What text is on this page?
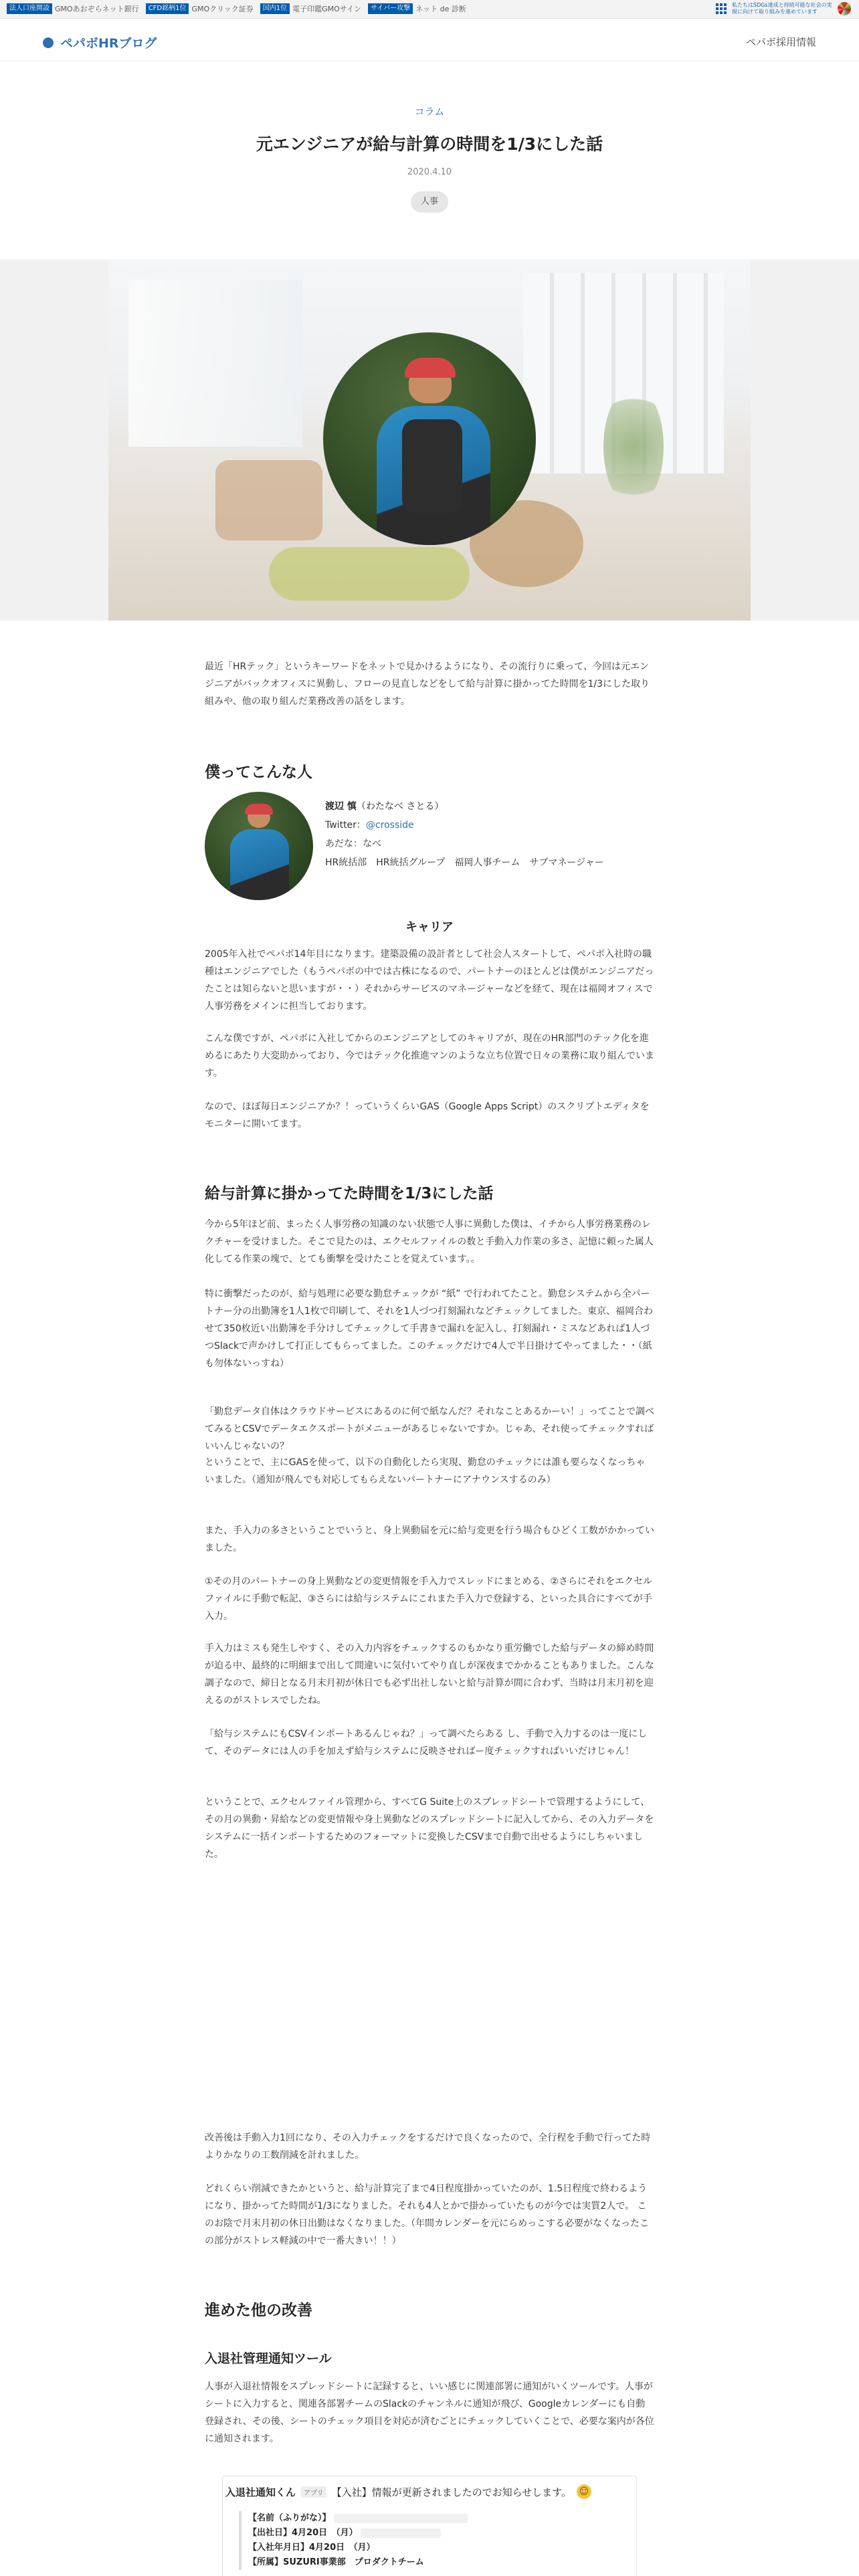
法人口座開設 GMOあおぞらネット銀行	CFD銘柄1位 GMOクリック証券	国内1位 電子印鑑GMOサイン	サイバー攻撃 ネット de 診断	私たちはSDGs達成と持続可能な社会の実現に向けて取り組みを進めています
ペパボHRブログ	ペパボ採用情報
コラム
元エンジニアが給与計算の時間を1/3にした話
2020.4.10
人事

最近「HRテック」というキーワードをネットで見かけるようになり、その流行りに乗って、今回は元エンジニアがバックオフィスに異動し、フローの見直しなどをして給与計算に掛かってた時間を1/3にした取り組みや、他の取り組んだ業務改善の話をします。

僕ってこんな人
渡辺 慎（わたなべ さとる）
Twitter：@crosside
あだな：なべ
HR統括部　HR統括グループ　福岡人事チーム　サブマネージャー
キャリア

2005年入社でペパボ14年目になります。建築設備の設計者として社会人スタートして、ペパボ入社時の職種はエンジニアでした（もうペパボの中では古株になるので、パートナーのほとんどは僕がエンジニアだったことは知らないと思いますが・・）それからサービスのマネージャーなどを経て、現在は福岡オフィスで人事労務をメインに担当しております。

こんな僕ですが、ペパボに入社してからのエンジニアとしてのキャリアが、現在のHR部門のテック化を進めるにあたり大変助かっており、今ではテック化推進マンのような立ち位置で日々の業務に取り組んでいます。

なので、ほぼ毎日エンジニアか？！っていうくらいGAS（Google Apps Script）のスクリプトエディタをモニターに開いてます。

給与計算に掛かってた時間を1/3にした話

今から5年ほど前、まったく人事労務の知識のない状態で人事に異動した僕は、イチから人事労務業務のレクチャーを受けました。そこで見たのは、エクセルファイルの数と手動入力作業の多さ、記憶に頼った属人化してる作業の塊で、とても衝撃を受けたことを覚えています。。

特に衝撃だったのが、給与処理に必要な勤怠チェックが “紙” で行われてたこと。勤怠システムから全パートナー分の出勤簿を1人1枚で印刷して、それを1人づつ打刻漏れなどチェックしてました。東京、福岡合わせて350枚近い出勤簿を手分けしてチェックして手書きで漏れを記入し、打刻漏れ・ミスなどあれば1人づつSlackで声かけして打正してもらってました。このチェックだけで4人で半日掛けてやってました・・（紙も勿体ないっすね）

「勤怠データ自体はクラウドサービスにあるのに何で紙なんだ？それなことあるかーい！」ってことで調べてみるとCSVでデータエクスポートがメニューがあるじゃないですか。じゃあ、それ使ってチェックすればいいんじゃないの？

ということで、主にGASを使って、以下の自動化したら実現、勤怠のチェックには誰も要らなくなっちゃいました。（通知が飛んでも対応してもらえないパートナーにアナウンスするのみ）

また、手入力の多さということでいうと、身上異動届を元に給与変更を行う場合もひどく工数がかかっていました。

①その月のパートナーの身上異動などの変更情報を手入力でスレッドにまとめる、②さらにそれをエクセルファイルに手動で転記、③さらには給与システムにこれまた手入力で登録する、といった具合にすべてが手入力。

手入力はミスも発生しやすく、その入力内容をチェックするのもかなり重労働でした給与データの締め時間が迫る中、最終的に明細まで出して間違いに気付いてやり直しが深夜までかかることもありました。こんな調子なので、締日となる月末月初が休日でも必ず出社しないと給与計算が間に合わず、当時は月末月初を迎えるのがストレスでしたね。

「給与システムにもCSVインポートあるんじゃね？」って調べたらある し、手動で入力するのは一度にして、そのデータには人の手を加えず給与システムに反映させればー度チェックすればいいだけじゃん！

ということで、エクセルファイル管理から、すべてG Suite上のスプレッドシートで管理するようにして、その月の異動・昇給などの変更情報や身上異動などのスプレッドシートに記入してから、その入力データをシステムに一括インポートするためのフォーマットに変換したCSVまで自動で出せるようにしちゃいました。

改善後は手動入力1回になり、その入力チェックをするだけで良くなったので、全行程を手動で行ってた時よりかなりの工数削減を計れました。

どれくらい削減できたかというと、給与計算完了まで4日程度掛かっていたのが、1.5日程度で終わるようになり、掛かってた時間が1/3になりました。それも4人とかで掛かっていたものが今では実質2人で。 このお陰で月末月初の休日出勤はなくなりました。（年間カレンダーを元にらめっこする必要がなくなったこの部分がストレス軽減の中で一番大きい！！）

進めた他の改善
入退社管理通知ツール

人事が入退社情報をスプレッドシートに記録すると、いい感じに関連部署に通知がいくツールです。人事がシートに入力すると、関連各部署チームのSlackのチャンネルに通知が飛び、Googleカレンダーにも自動登録され、その後、シートのチェック項目を対応が済むごとにチェックしていくことで、必要な案内が各位に通知されます。

入退社通知くん	アプリ 【入社】情報が更新されましたのでお知らせします。 ☺
【名前（ふりがな）】
【出社日】4月20日　（月）
【入社年月日】4月20日　（月）
【所属】SUZURI事業部　プロダクトチーム
